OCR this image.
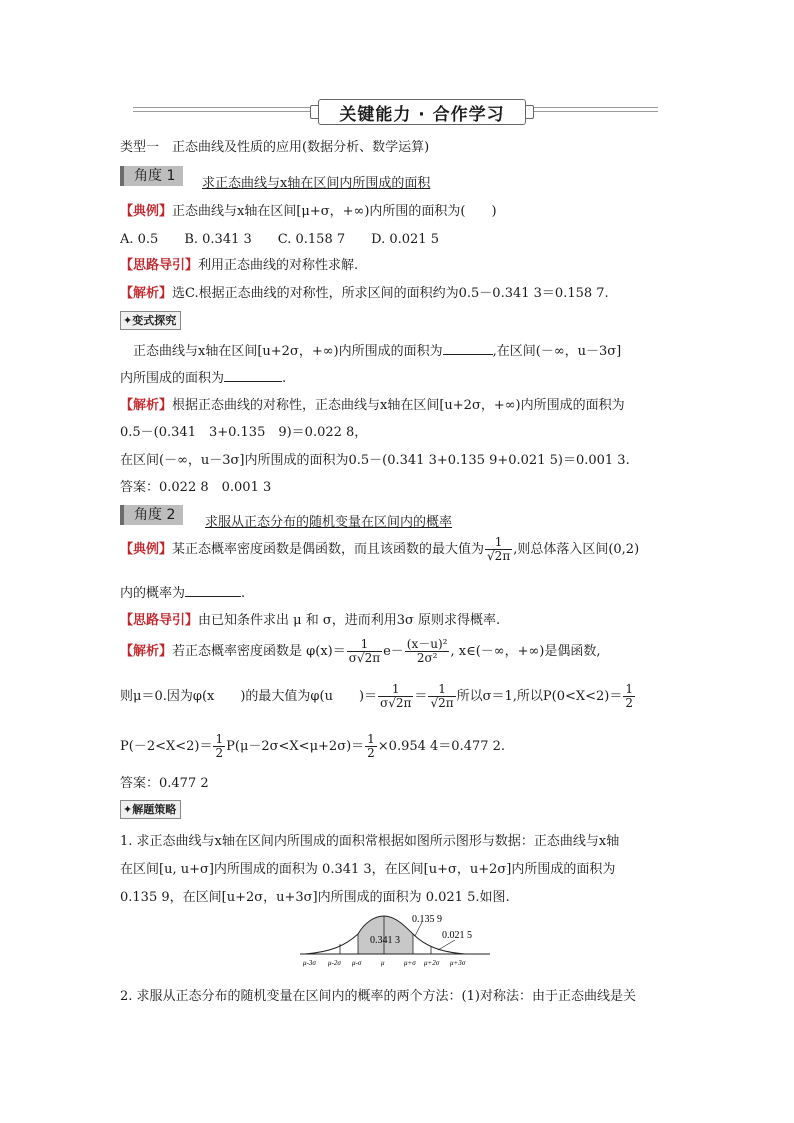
关键能力 · 合作学习
类型一　正态曲线及性质的应用(数据分析、数学运算)
角度 1	求正态曲线与x轴在区间内所围成的面积
【典例】正态曲线与x轴在区间[μ+σ，+∞)内所围的面积为(　　)
A. 0.5　　B. 0.341 3　　C. 0.158 7　　D. 0.021 5
【思路导引】利用正态曲线的对称性求解.
【解析】选C.根据正态曲线的对称性，所求区间的面积约为0.5－0.341 3＝0.158 7.
✦变式探究
正态曲线与x轴在区间[u+2σ，+∞)内所围成的面积为	,在区间(－∞，u－3σ]
内所围成的面积为	.
【解析】根据正态曲线的对称性，正态曲线与x轴在区间[u+2σ，+∞)内所围成的面积为
0.5－(0.341　3+0.135　9)＝0.022 8，
在区间(－∞，u－3σ]内所围成的面积为0.5－(0.341 3+0.135 9+0.021 5)＝0.001 3.
答案：0.022 8　0.001 3
角度 2	求服从正态分布的随机变量在区间内的概率
【典例】某正态概率密度函数是偶函数，而且该函数的最大值为 $\frac{1}{√2\pi}$ ,则总体落入区间(0,2)
内的概率为	.
【思路导引】由已知条件求出 μ 和 σ，进而利用3σ 原则求得概率.
【解析】若正态概率密度函数是 $\varphi(x)= \frac{1}{\sigma√2\pi} e- \frac{\text{(x－u)²}}{\text{2σ²}}$ , x∈(－∞，+∞)是偶函数,
则μ＝0.因为φ(x　　)的最大值为φ(u　　)＝ $\frac{1}{\sigma√2\pi} = \frac{1}{√2\pi}$ 所以σ＝1,所以$P(0<X<2)= \frac{1}{2}$
$P(-2<X<2)= \frac{1}{2} P(\mu-2\sigma<X<\mu+2\sigma)= \frac{1}{2} \times 0.954$ 4＝0.477 2.
答案：0.477 2
✦解题策略
1. 求正态曲线与x轴在区间内所围成的面积常根据如图所示图形与数据：正态曲线与x轴
在区间[u, u+σ]内所围成的面积为 0.341 3，在区间[u+σ，u+2σ]内所围成的面积为
0.135 9，在区间[u+2σ，u+3σ]内所围成的面积为 0.021 5.如图.
0.341 3
0.135 9
0.021 5
μ-3σ μ-2σ μ-σ	μ	μ+σ μ+2σ μ+3σ
2. 求服从正态分布的随机变量在区间内的概率的两个方法：(1)对称法：由于正态曲线是关
